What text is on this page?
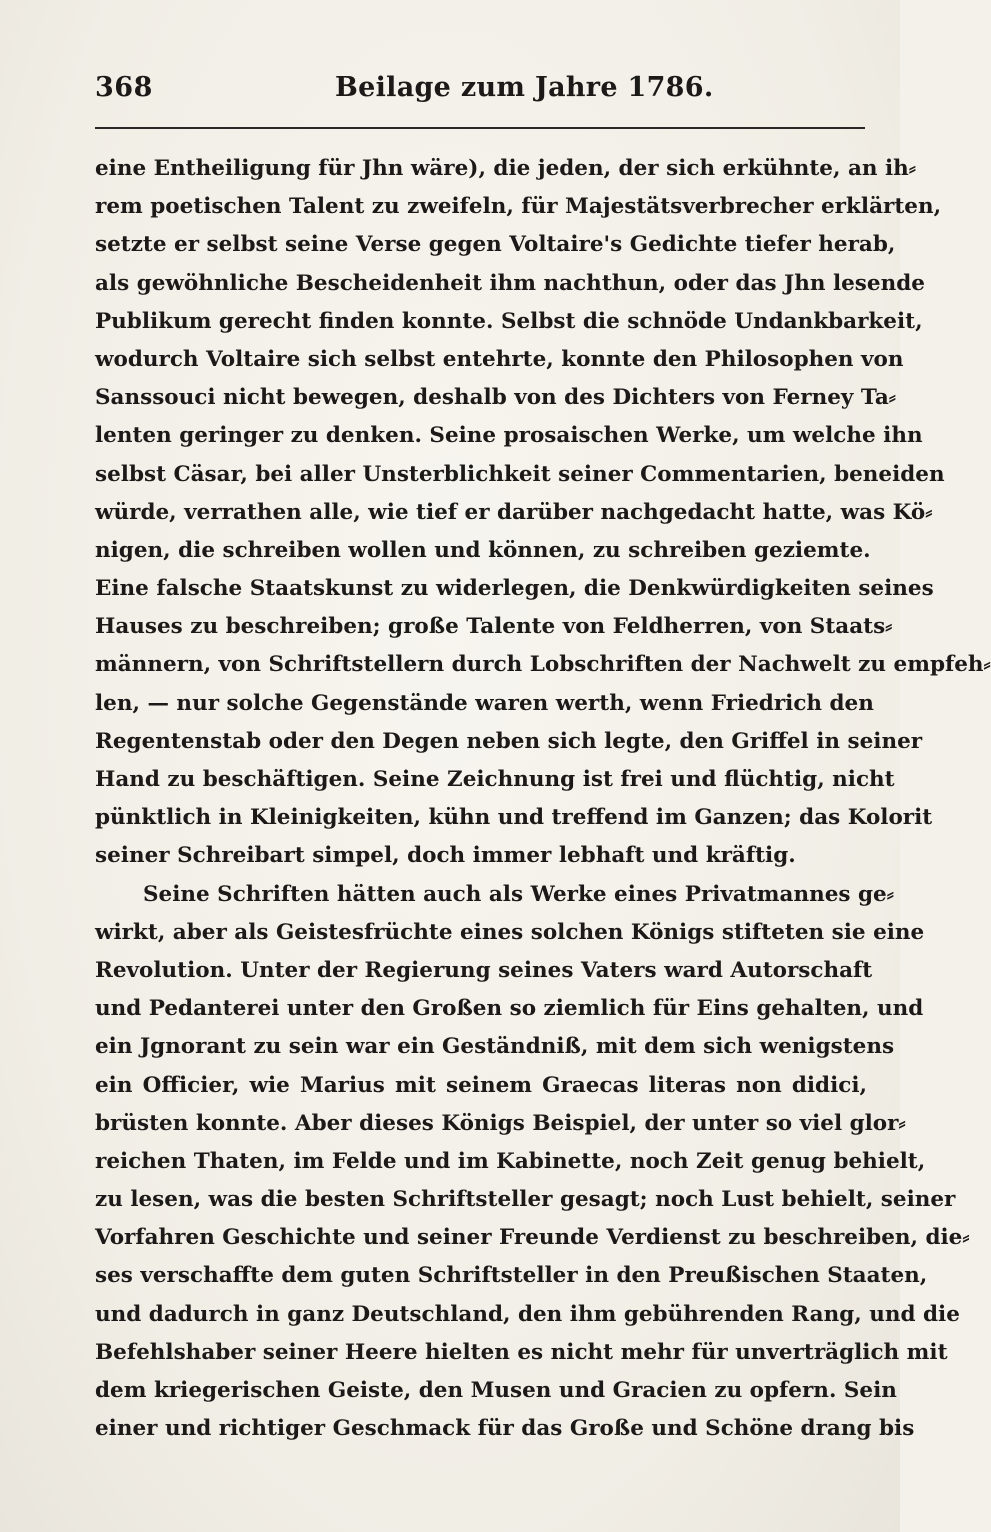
368	Beilage zum Jahre 1786.
eine Entheiligung für Jhn wäre), die jeden, der sich erkühnte, an ih⸗
rem poetischen Talent zu zweifeln, für Majestätsverbrecher erklärten,
setzte er selbst seine Verse gegen Voltaire's Gedichte tiefer herab,
als gewöhnliche Bescheidenheit ihm nachthun, oder das Jhn lesende
Publikum gerecht finden konnte. Selbst die schnöde Undankbarkeit,
wodurch Voltaire sich selbst entehrte, konnte den Philosophen von
Sanssouci nicht bewegen, deshalb von des Dichters von Ferney Ta⸗
lenten geringer zu denken. Seine prosaischen Werke, um welche ihn
selbst Cäsar, bei aller Unsterblichkeit seiner Commentarien, beneiden
würde, verrathen alle, wie tief er darüber nachgedacht hatte, was Kö⸗
nigen, die schreiben wollen und können, zu schreiben geziemte.
Eine falsche Staatskunst zu widerlegen, die Denkwürdigkeiten seines
Hauses zu beschreiben; große Talente von Feldherren, von Staats⸗
männern, von Schriftstellern durch Lobschriften der Nachwelt zu empfeh⸗
len, — nur solche Gegenstände waren werth, wenn Friedrich den
Regentenstab oder den Degen neben sich legte, den Griffel in seiner
Hand zu beschäftigen. Seine Zeichnung ist frei und flüchtig, nicht
pünktlich in Kleinigkeiten, kühn und treffend im Ganzen; das Kolorit
seiner Schreibart simpel, doch immer lebhaft und kräftig.
Seine Schriften hätten auch als Werke eines Privatmannes ge⸗
wirkt, aber als Geistesfrüchte eines solchen Königs stifteten sie eine
Revolution. Unter der Regierung seines Vaters ward Autorschaft
und Pedanterei unter den Großen so ziemlich für Eins gehalten, und
ein Jgnorant zu sein war ein Geständniß, mit dem sich wenigstens
ein Officier, wie Marius mit seinem Graecas literas non didici,
brüsten konnte. Aber dieses Königs Beispiel, der unter so viel glor⸗
reichen Thaten, im Felde und im Kabinette, noch Zeit genug behielt,
zu lesen, was die besten Schriftsteller gesagt; noch Lust behielt, seiner
Vorfahren Geschichte und seiner Freunde Verdienst zu beschreiben, die⸗
ses verschaffte dem guten Schriftsteller in den Preußischen Staaten,
und dadurch in ganz Deutschland, den ihm gebührenden Rang, und die
Befehlshaber seiner Heere hielten es nicht mehr für unverträglich mit
dem kriegerischen Geiste, den Musen und Gracien zu opfern. Sein
einer und richtiger Geschmack für das Große und Schöne drang bis
